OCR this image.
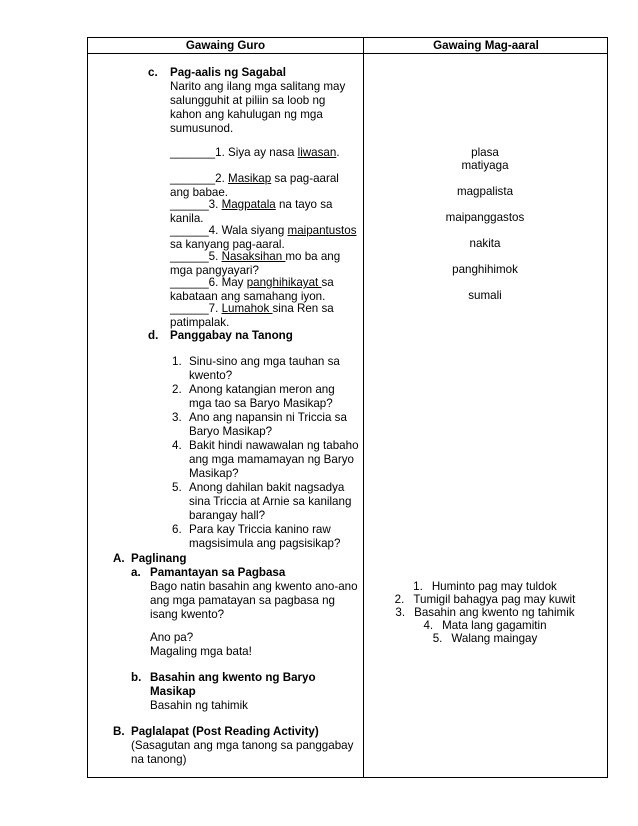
Gawaing Guro	Gawaing Mag-aaral
c. Pag-aalis ng Sagabal
Narito ang ilang mga salitang may
salungguhit at piliin sa loob ng
kahon ang kahulugan ng mga
sumusunod.
_______1. Siya ay nasa liwasan.
_______2. Masikap sa pag-aaral
ang babae.
______3. Magpatala na tayo sa
kanila.
______4. Wala siyang maipantustos
sa kanyang pag-aaral.
______5. Nasaksihan mo ba ang
mga pangyayari?
______6. May panghihikayat sa
kabataan ang samahang iyon.
______7. Lumahok sina Ren sa
patimpalak.
plasa
matiyaga
magpalista
maipanggastos
nakita
panghihimok
sumali
d. Panggabay na Tanong
1. Sinu-sino ang mga tauhan sa
kwento?
2. Anong katangian meron ang
mga tao sa Baryo Masikap?
3. Ano ang napansin ni Triccia sa
Baryo Masikap?
4. Bakit hindi nawawalan ng tabaho
ang mga mamamayan ng Baryo
Masikap?
5. Anong dahilan bakit nagsadya
sina Triccia at Arnie sa kanilang
barangay hall?
6. Para kay Triccia kanino raw
magsisimula ang pagsisikap?
A. Paglinang
a. Pamantayan sa Pagbasa
Bago natin basahin ang kwento ano-ano
ang mga pamatayan sa pagbasa ng
isang kwento?
Ano pa?
Magaling mga bata!
1. Huminto pag may tuldok
2. Tumigil bahagya pag may kuwit
3. Basahin ang kwento ng tahimik
4. Mata lang gagamitin
5. Walang maingay
b. Basahin ang kwento ng Baryo
Masikap
Basahin ng tahimik
B. Paglalapat (Post Reading Activity)
(Sasagutan ang mga tanong sa panggabay
na tanong)
